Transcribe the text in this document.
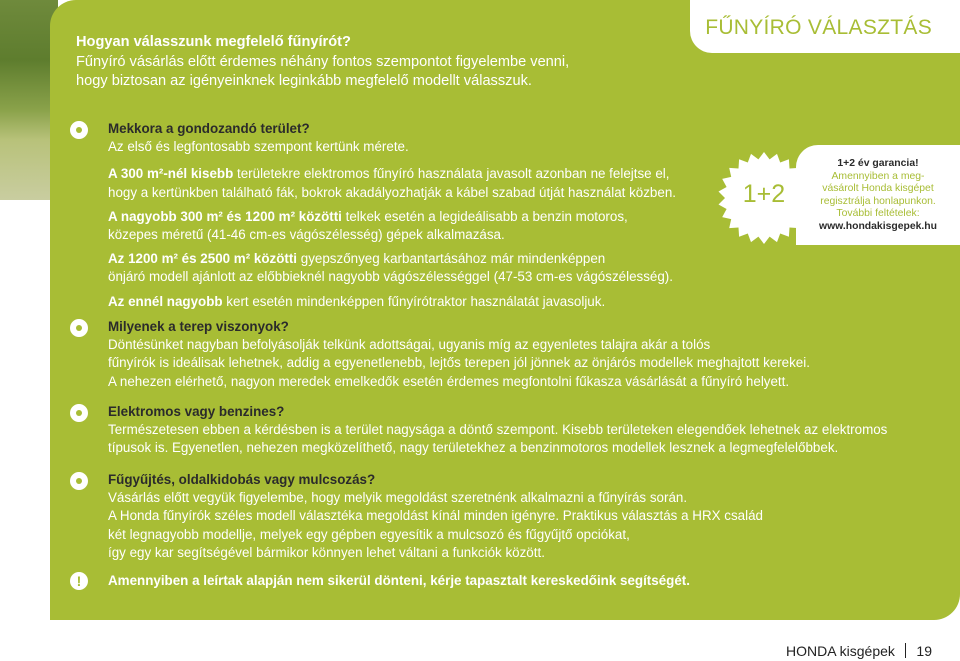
FŰNYÍRÓ VÁLASZTÁS
Hogyan válasszunk megfelelő fűnyírót?
Fűnyíró vásárlás előtt érdemes néhány fontos szempontot figyelembe venni,
hogy biztosan az igényeinknek leginkább megfelelő modellt válasszuk.
Mekkora a gondozandó terület?
Az első és legfontosabb szempont kertünk mérete.
A 300 m²-nél kisebb területekre elektromos fűnyíró használata javasolt azonban ne felejtse el,
hogy a kertünkben található fák, bokrok akadályozhatják a kábel szabad útját használat közben.
A nagyobb 300 m² és 1200 m² közötti telkek esetén a legideálisabb a benzin motoros,
közepes méretű (41-46 cm-es vágószélesség) gépek alkalmazása.
Az 1200 m² és 2500 m² közötti gyepszőnyeg karbantartásához már mindenképpen
önjáró modell ajánlott az előbbieknél nagyobb vágószélességgel (47-53 cm-es vágószélesség).
Az ennél nagyobb kert esetén mindenképpen fűnyírótraktor használatát javasoljuk.
Milyenek a terep viszonyok?
Döntésünket nagyban befolyásolják telkünk adottságai, ugyanis míg az egyenletes talajra akár a tolós
fűnyírók is ideálisak lehetnek, addig a egyenetlenebb, lejtős terepen jól jönnek az önjárós modellek meghajtott kerekei.
A nehezen elérhető, nagyon meredek emelkedők esetén érdemes megfontolni fűkasza vásárlását a fűnyíró helyett.
Elektromos vagy benzines?
Természetesen ebben a kérdésben is a terület nagysága a döntő szempont. Kisebb területeken elegendőek lehetnek az elektromos
típusok is. Egyenetlen, nehezen megközelíthető, nagy területekhez a benzinmotoros modellek lesznek a legmegfelelőbbek.
Fűgyűjtés, oldalkidobás vagy mulcsozás?
Vásárlás előtt vegyük figyelembe, hogy melyik megoldást szeretnénk alkalmazni a fűnyírás során.
A Honda fűnyírók széles modell választéka megoldást kínál minden igényre. Praktikus választás a HRX család
két legnagyobb modellje, melyek egy gépben egyesítik a mulcsozó és fűgyűjtő opciókat,
így egy kar segítségével bármikor könnyen lehet váltani a funkciók között.
!	Amennyiben a leírtak alapján nem sikerül dönteni, kérje tapasztalt kereskedőink segítségét.
1+2
1+2 év garancia!
Amennyiben a meg-
vásárolt Honda kisgépet
regisztrálja honlapunkon.
További feltételek:
www.hondakisgepek.hu
HONDA kisgépek 19
